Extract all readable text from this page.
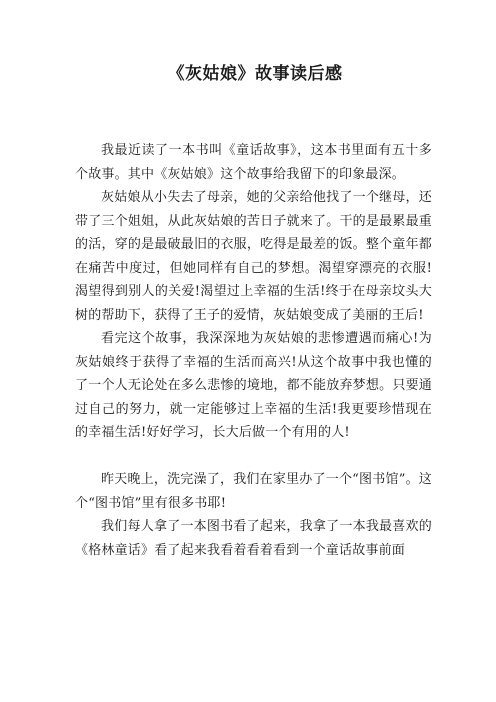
《灰姑娘》故事读后感

我最近读了一本书叫《童话故事》，这本书里面有五十多个故事。其中《灰姑娘》这个故事给我留下的印象最深。

灰姑娘从小失去了母亲，她的父亲给他找了一个继母，还带了三个姐姐，从此灰姑娘的苦日子就来了。干的是最累最重的活，穿的是最破最旧的衣服，吃得是最差的饭。整个童年都在痛苦中度过，但她同样有自己的梦想。渴望穿漂亮的衣服!渴望得到别人的关爱!渴望过上幸福的生活!终于在母亲坟头大树的帮助下，获得了王子的爱情，灰姑娘变成了美丽的王后!

看完这个故事，我深深地为灰姑娘的悲惨遭遇而痛心!为灰姑娘终于获得了幸福的生活而高兴!从这个故事中我也懂的了一个人无论处在多么悲惨的境地，都不能放弃梦想。只要通过自己的努力，就一定能够过上幸福的生活!我更要珍惜现在的幸福生活!好好学习，长大后做一个有用的人!

昨天晚上，洗完澡了，我们在家里办了一个“图书馆”。这个“图书馆”里有很多书耶!

我们每人拿了一本图书看了起来，我拿了一本我最喜欢的《格林童话》看了起来我看着看着看到一个童话故事前面
